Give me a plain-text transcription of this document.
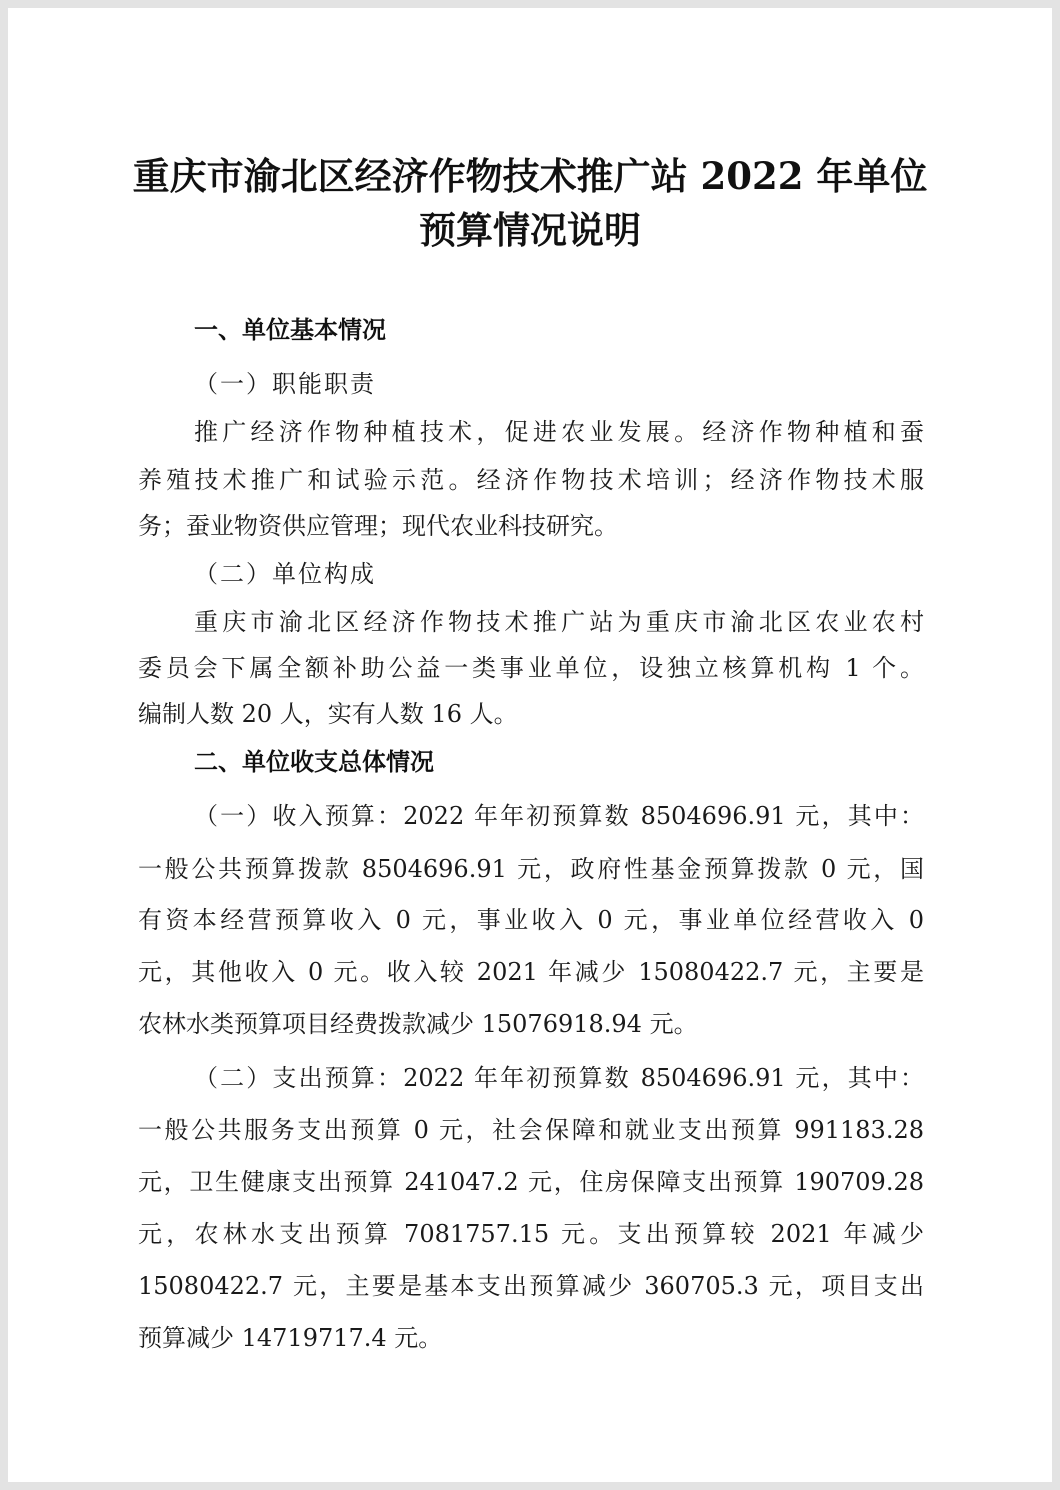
重庆市渝北区经济作物技术推广站 2022 年单位
预算情况说明
一、单位基本情况
（一）职能职责
推广经济作物种植技术，促进农业发展。经济作物种植和蚕
养殖技术推广和试验示范。经济作物技术培训；经济作物技术服
务；蚕业物资供应管理；现代农业科技研究。
（二）单位构成
重庆市渝北区经济作物技术推广站为重庆市渝北区农业农村
委员会下属全额补助公益一类事业单位，设独立核算机构 1 个。
编制人数 20 人，实有人数 16 人。
二、单位收支总体情况
（一）收入预算：2022 年年初预算数 8504696.91 元，其中：
一般公共预算拨款 8504696.91 元，政府性基金预算拨款 0 元，国
有资本经营预算收入 0 元，事业收入 0 元，事业单位经营收入 0
元，其他收入 0 元。收入较 2021 年减少 15080422.7 元，主要是
农林水类预算项目经费拨款减少 15076918.94 元。
（二）支出预算：2022 年年初预算数 8504696.91 元，其中：
一般公共服务支出预算 0 元，社会保障和就业支出预算 991183.28
元，卫生健康支出预算 241047.2 元，住房保障支出预算 190709.28
元，农林水支出预算 7081757.15 元。支出预算较 2021 年减少
15080422.7 元，主要是基本支出预算减少 360705.3 元，项目支出
预算减少 14719717.4 元。
